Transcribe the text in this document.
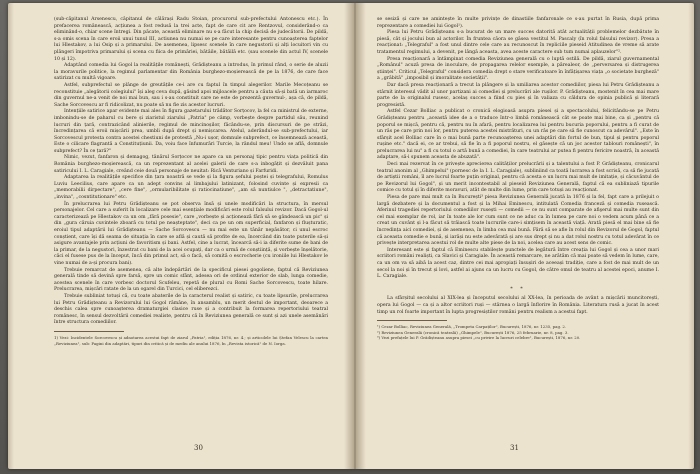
(sub-căpitanul Arsenescu, căpitanul de călărași Radu Stoian, procurorul sub-prefectului Antonescu etc.). În prefacerea românească, acțiunea a fost redusă la trei acte, fapt de care cit are Rentzovul, considerând-o ca eliminând-o, chiar scene întregi. Din păcate, această eliminare nu s-a făcut la chip decisă de judecătorii. De pildă, s-a omis scena în care eroii unui tunul III, actiunea nu numai se pe care interesante pentru cunoașterea faptelor lui Hlestakov, a lui Osip și a primarului. De asemenea, lipsesc scenele în care negustorii și alți locuitori vin cu plângeri împotriva primarului și scena cu fiica de primăriei, bătăile, bătăilă etc. (sau scenele din actul IV, scenele 10 și 12).

Adaptând comedia lui Gogol la realitățile românești, Grădișteanu a introdus, în primul rând, o serie de aluzii la moravurile politice, la regimul parlamentar din România burghezo-moșierească de pe la 1876, de care face satirizat cu multă vigoare.

Astfel, subprefectul se plânge de greutățile ce-i are cu faptul în timpul alegerilor. Marile Mecoțeanu se reconstituie „alegătorii colegiului" își aleg ceva după, găsind apoi mijloacele pentru a căuta să-și bată un iarmaroc din guvernul ne-a venit de noi mai bun, sau i s-au constituit care ne este de prezentă guvernul-, așa că, de pildă, Sache Sorcovescu ar fi ridicolizat, nu poate să nu fie zis acestor lucruri.

Intențiile satirice apar evidente mai ales în figura gazetarului trădător Sorțocov, la fel ca ministrul de externe, imbonindu-se de paharul cu bere și ziaristul ziarului „Patria" pe câmp, vorbește despre partidul său, reunind lucruri din țară, contrazicând alinierile, regimul de mincinoșilor, făcându-se, prin discursuri de pe străzi, încredințarea că eroii mișcării prea, umbli după drept și nemișcarea. Atelul, aderândul-se sub-prefectului, iar Sorcovescul protesta contra acestei chestiuni de protestă „Nu-i ușor, domnule subprefect, ce însemnează această, Este o cilicare flagrantă a Constituțiunii. Da, voiu face înfumurări Turcie, la rândul meu! Undo se află, domnule subprefect? În ce țară?"

Nimic, vezut, fanfaron și demagog, tânărul Sorțocov ne apare ca un personaj tipic pentru viața politică din România burghezo-moșierească, ca un reprezentant al acelei galerii de care s-a inbogățit și dezvăluit pana satiricului I. L. Caragiale, creând ceie două personaje de neuitat: Rică Venturiano și Farfuridi.

Adaptarea la realitățile specifice din țara noastră se vede și la figura șefului poștei și telegrafului, Romulus Luviu Leecilius, care apare ca un adept convins al limbajului latinizant, folosind cuvinte și expresii ca „memorabilii dirpectare", „cere fine", „ormularibilitate și ratiocinatiune", „am să nuntiulce ", „detractatiune", „invina", „cosntitutionare" etc.

În prelucrarea lui Petru Grădișteanu se pot observa însă și unele modificări la structura, în mersul personajelor. Cel care a suferit în localizare cele mai esențiale modificări este rolul falsului revizor. Dacă Gogol-ul caracterizează pe Hlestakov ca un om „fără posesie", care „vorbește și acționează fără să se gândească un pic" și din „gura căruia cuvintele zboară cu totul pe neașteptate", deci ca pe un om superficial, fanfaron și flușturatic, eroiul tipul adaptării lui Grădișteanu — Sache Sorcovescu — nu mai este un tânăr nepăsător, ci unul escroc conștient, care își dă seama de situația în care se află și caută să profite de ea, încercând din toate puterile să-și asigure avantajele prin acțiuni de favoritism și bani. Astfel, cine a lucrat, încearcă să-i ia diferite sume de bani de la primar, de la negustori, înzestrat cu bani de la acei ocupați, dar ca o urmă de conștiință, și vorbește înșelătorie, căci el fusese pus de la început, încă din primul act, să o facă, să comită o escrocherie (cu ironiile lui Hlestakov le vine numai de a-și procura bani).

Trebuie remarcat de asemenea, că alte îndepărtări de la specificul piesei gogoliene, faptul că Reviziunea generală tinde să devină spre farsă, spre un comic sfânt, adesea ori de ordinul exterior de slab, lunga comedie, acestea scenele în care vorbesc doctorul Scufeleu, repetă de plural cu Romi Sache Sorcovescu, toate hilare. Prelucrarea, mișcări ratate de la un ogarel din Turcici, cel eliberezci.

Trebuie subliniat totuși că, cu toate abaterile de la caracterul realist și satiric, cu toate lipsurile, prelucrarea lui Petru Grădișteanu a Revizorului lui Gogol rămâne, în ansamblu, un merit destul de important, deoarece a deschis calea spre cunoașterea dramaturgiei clasice ruse și a contribuit la formarea repertoriului teatral românesc, în sensul dezvoltării comediei realiste, pentru că în Reviziunea generală ce sunt și azi unele asemănări între structura comediilor.

1) Vezi: Incidentele Sorcovescu și adnotarea acestui fapt de ziarul „Patria", ediția 1876, nr. 4.; și articolele lui Ștefan Velescu la cartea „Reviziunea", sub: Pagini din adaptări, tipuri din critică și de mediu ale anului 1876, în „Revista istorică" de N. Iorga.

30

se sesiză și care ne amintește în multe privințe de dinastiile fanfaronale ce s-au purtat în Rusia, după prima reprezentare a comediei lui Gogol¹).

Piesa lui Petru Grădișteanu s-a bucurat de un mare succes datorită atât actualității problemelor dezbătute în piesă, cât și jocului bun al actorilor. În fruntea căora se găsea vestitul M. Pascaly (în rolul falsului revizor). Presa a reacționat: „Telegraful" a fost unul dintre cele care au recunoscut în repliciile pieseid Atitudinea de vreme să arate tratamentul regimului, a devenit, pe lângă aceasta, avea aceste caractere sub tum numai aplauzelor"².

Presa reacționară a întâmpinat comedia Reviziunea generală cu o luptă ostilă. De pildă, ziarul guvernamental „Românul" acuză presa de inoculare, de propagarea relelor exemple, a părealeor, de „perversarea și distrugerea științei". Criticul „Telegraful" considera comedia drept o stare verificatoare în înfățișarea viața „o societate burgheză" a „grăbită" „imposibil și imoralitate societății".

Dar dacă presa reacționară a trecut la plângere și la umiliarea acestor comediilor, piesa lui Petru Grădișteanu a stârnit interesul vădit al unor partizani ai comediei și prelucrări ale rușilor. P. Grădișteanu, mostenit în cea mai mare parte de la originalul rusesc, acelaș succes a fiind cu pies și în valiaza cu căldura de opinia publică și literară progresistă.

Astfel Cezar Bolliac a publicat o cronică elogioasă asupra piesei și a spectacolului, felicitându-se pe Petru Grădișteanu pentru „această idee de a o traduce într-o limbă românească cât se poate mai bine, ca și „pentru că poporul se mișcă, pentru că, pentru nu în afară, pentru localizarea lui pentru bucuria poporului, pentru a fi curat de un râs pe care prin noi lor, pentru puterea acestei mistrături, cu un râs pe care să fie cunoscut ca adevărul". „Este în sfârșit acel Bolliac care în o mai bună parte recunoașterea unei adaptări din fortul de bun, tipul și pentru poporul rușine etc." dacă ei, ce ar trebui, să fie în a fi poporul nostru, el găsește că un joc acestor tablouri românești", în prelucrarea lui nu" a fi cu totul o artă bună a comediei, în care teatrului ar putea fi pentru fericire noastră, în această adaptare, să-i spunem aceasta de abuzată".

Deci mai rezervat în ce privește aprecierea calităților prelucrării și a talentului a fost P. Grădișteanu, cronicarul teatral anonim al „Ghimpelui" (pornesc de la I. L. Caragiale), subliniind ca toată lucrarea a fost scrisă, ca să fie jucată de artiștii români, îl are lucrul foarte puțin original, pentru că acesta e un lucru mai mult de imitație, și căcuvântul de pe Revizorul lui Gogol", și un merit incontestabil al pieseid Reviziunea Generală, faptul că ea subliniază tipurile comice cu totul și în diferite moravuri, atât de multe din lume, prin care totuși au reacționat.

Piesa de pare mai mult ca în București³ piesa Reviziunea Generală jucată la 1876 și la fel, fapt care a prilejuit o largă dezbatere și la documentul a fost și la Mihai Eminescu, intitulată Comedia franceză și comedia rusească. Aferinul tragediei repertoriului comediilor rusești — comedii — ce nu sunt comparate de afişerul mai multe sunt din cel mai exemplar de rol, iar în toate ale lor cum sunt ce ne aduc ca în lumea pe care noi o vedem acum până ce a creat un cuvânt și l-a făcut să trăiască toate lucrurile care-i simțisem în această viață. Arată piesă el mai bine să fie încredința aici comediei, și de asemenea, în limba cea mai bună. Fără să se afle în rolul din Revizorul de Gogol, faptul că aceasta comedie e bună, și iarăși nu este adevărată și are sus drept și nu a dat rolul nostru cu totul adevărat în ce privește interpretarea acestui rol de multe alte piese de la noi, acelea care au acest sens de comic.

Interesant este și faptul că Eminescu stabilește punctele de legătură între creația lui Gogol și cea a unor mari scriitori români realiști, ca Slavici și Caragiale. În această remarcare, ne arătăm că mai poate să vedem în lume, care, ca un om va să aibă la acest caz, dintre cei mai apropiați însușiri de aceeași tradiție, care a fost de mai mult de un secol la noi și în trecut și lovi, astfel ai ajuns ca un lucru cu Gogol, de către omul de teatru al acestei epoci, anume I. L. Caragiale.

* *

La sfârșitul secolului al XIX-lea și începutul secolului al XX-lea, în perioada de avânt a mișcării muncitorești, opera lui Gogol — ca și a altor scriitori ruși — stârnea o largă înflorire în România. Literatura rusă a jucat în acest timp un rol foarte important în lupta progresiștilor români pentru realism a acestui fapt.

¹) Cezar Bolliac, Reviziunea Generală, „Trompeta Carpaților", București, 1876, nr. 1235, pag. 2.

²) Reviziunea Generală (cronică teatrală) „Ghimpele", București 1876, 25 februarie, nr. 8, pag. 3.

³) Vezi prefațele lui P. Grădișteanu asupra piesei „cu privire la lucruri celebre", București, 1876, nr. 20.

31
